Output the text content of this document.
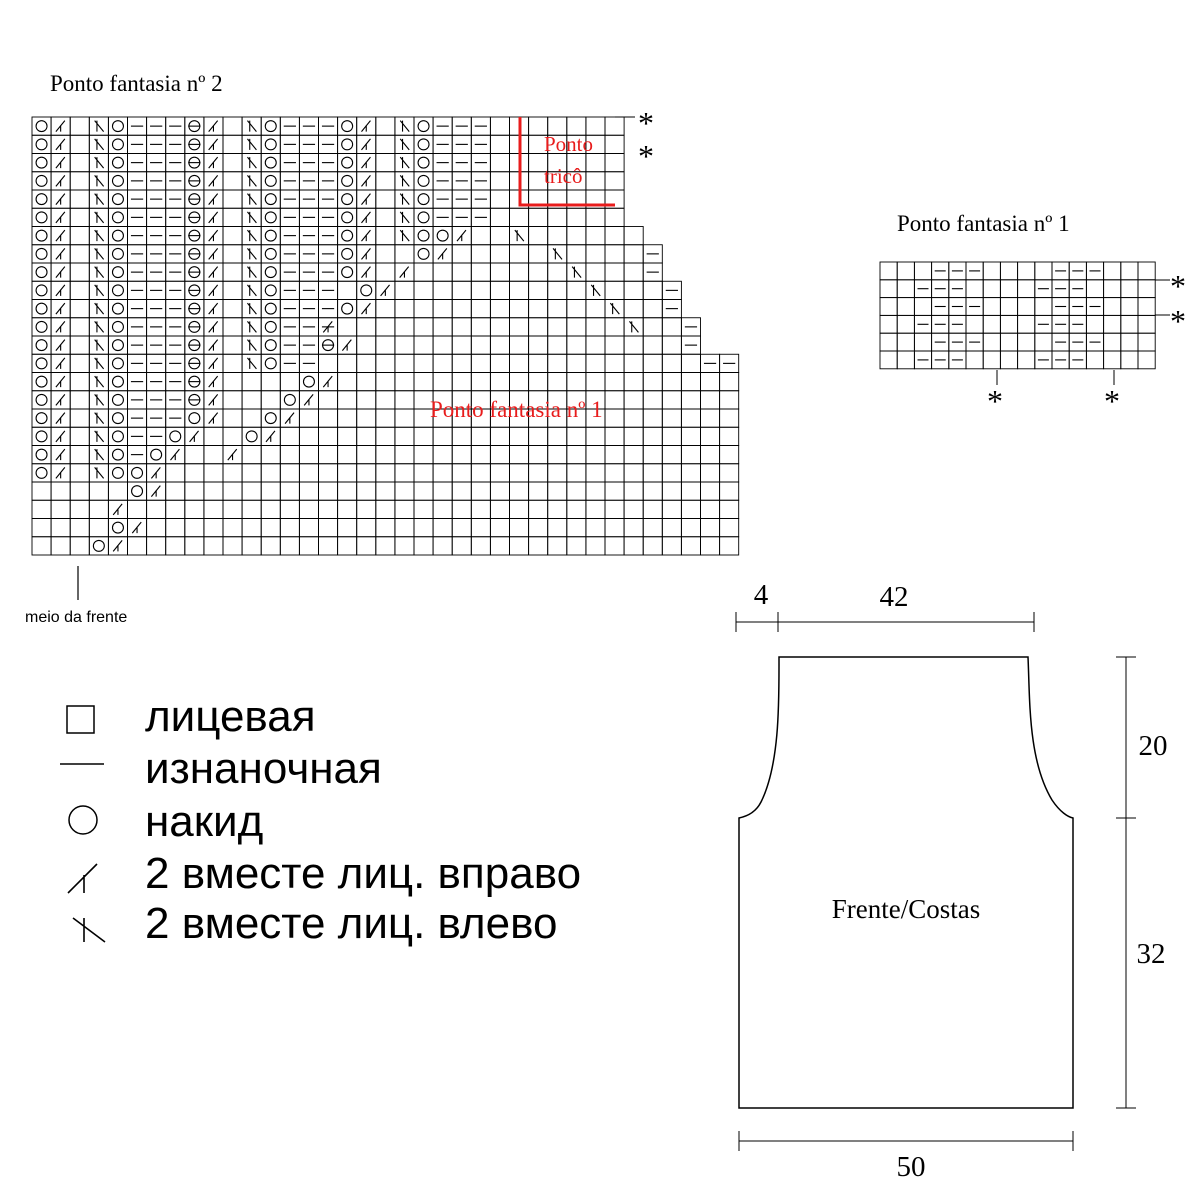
Ponto fantasia nº 2
Ponto
tricô
Ponto fantasia nº 1
*
*
meio da frente
Ponto fantasia nº 1
*
*
*	*
лицевая
изнаночная
накид
2 вместе лиц. вправо
2 вместе лиц. влево	Frente/Costas
4	42
20
32
50
